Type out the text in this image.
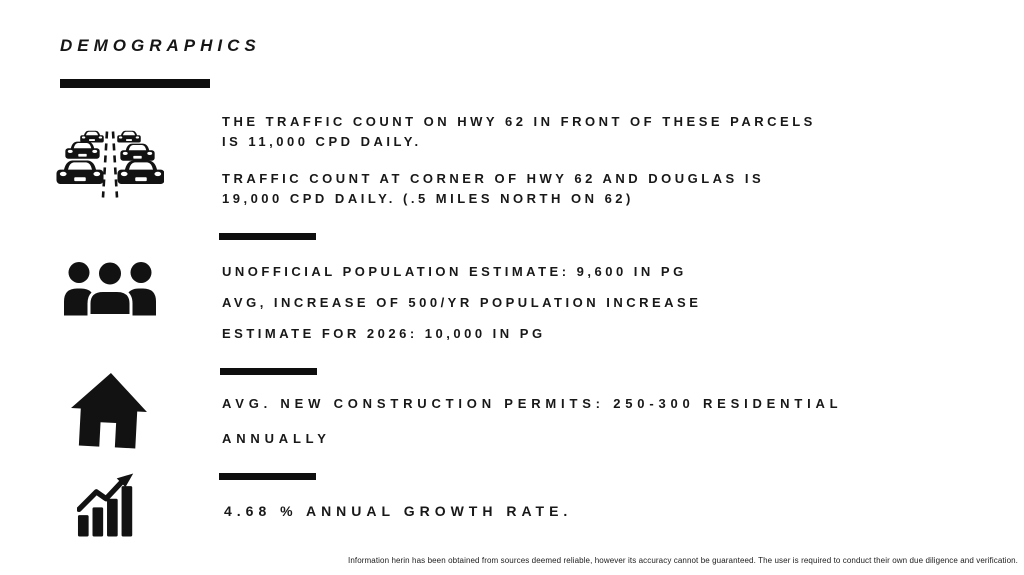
DEMOGRAPHICS
THE TRAFFIC COUNT ON HWY 62 IN FRONT OF THESE PARCELS
IS 11,000 CPD DAILY.
TRAFFIC COUNT AT CORNER OF HWY 62 AND DOUGLAS IS
19,000 CPD DAILY. (.5 MILES NORTH ON 62)
UNOFFICIAL POPULATION ESTIMATE: 9,600 IN PG
AVG, INCREASE OF 500/YR POPULATION INCREASE
ESTIMATE FOR 2026: 10,000 IN PG
AVG. NEW CONSTRUCTION PERMITS: 250-300 RESIDENTIAL
ANNUALLY
4.68 % ANNUAL GROWTH RATE.
Information herin has been obtained from sources deemed reliable, however its accuracy cannot be guaranteed. The user is required to conduct their own due diligence and verification.
